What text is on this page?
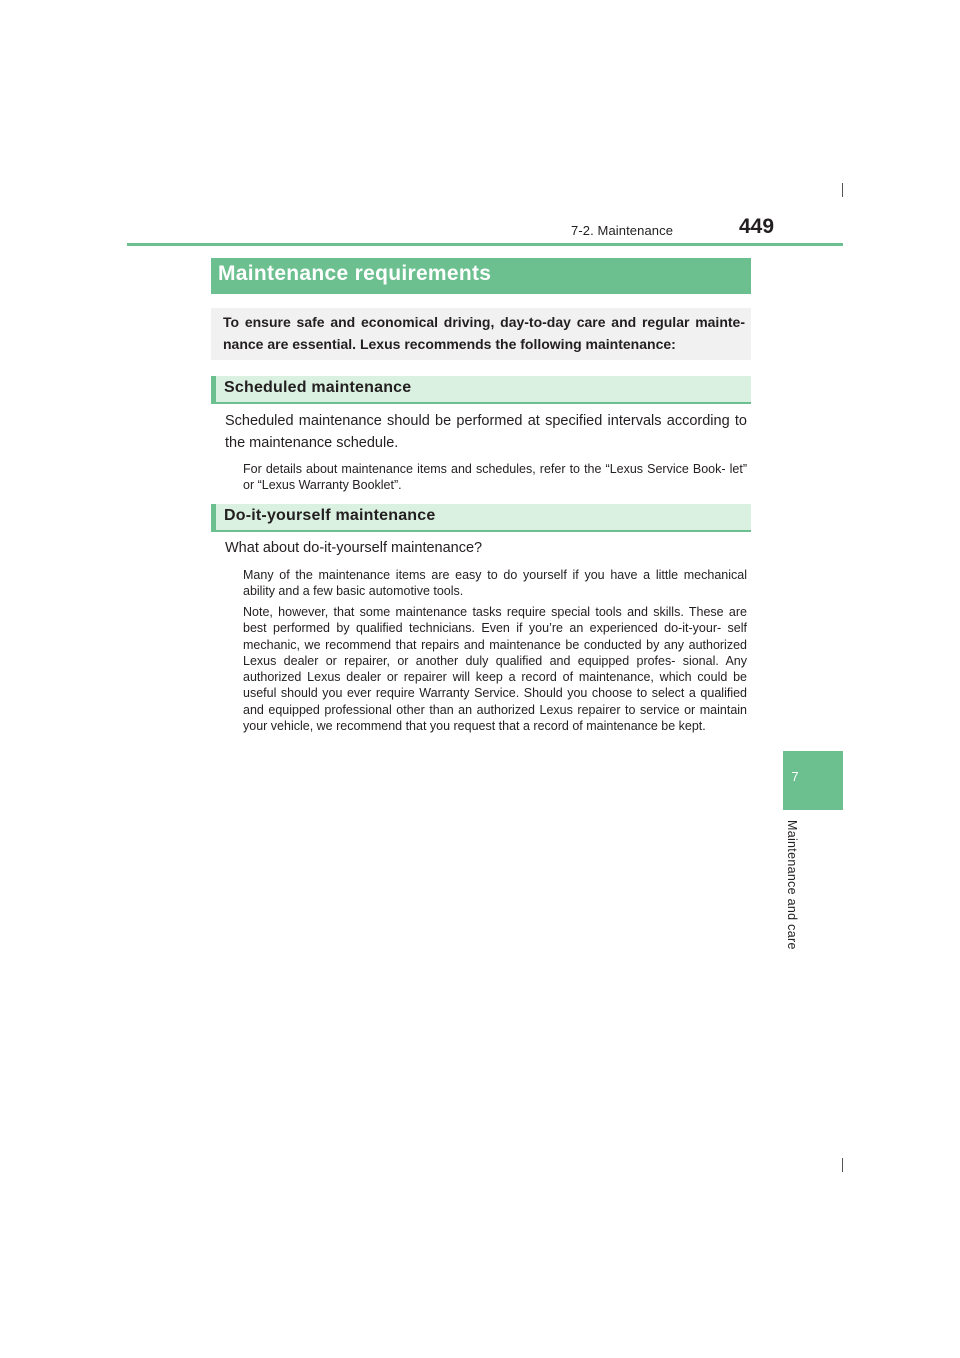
7-2. Maintenance	449
7
Maintenance and care
Maintenance requirements

To ensure safe and economical driving, day-to-day care and regular mainte- nance are essential. Lexus recommends the following maintenance:

Scheduled maintenance

Scheduled maintenance should be performed at specified intervals according to the maintenance schedule.

For details about maintenance items and schedules, refer to the “Lexus Service Book- let” or “Lexus Warranty Booklet”.

Do-it-yourself maintenance

What about do-it-yourself maintenance?

Many of the maintenance items are easy to do yourself if you have a little mechanical ability and a few basic automotive tools.

Note, however, that some maintenance tasks require special tools and skills. These are best performed by qualified technicians. Even if you’re an experienced do-it-your- self mechanic, we recommend that repairs and maintenance be conducted by any authorized Lexus dealer or repairer, or another duly qualified and equipped profes- sional. Any authorized Lexus dealer or repairer will keep a record of maintenance, which could be useful should you ever require Warranty Service. Should you choose to select a qualified and equipped professional other than an authorized Lexus repairer to service or maintain your vehicle, we recommend that you request that a record of maintenance be kept.
